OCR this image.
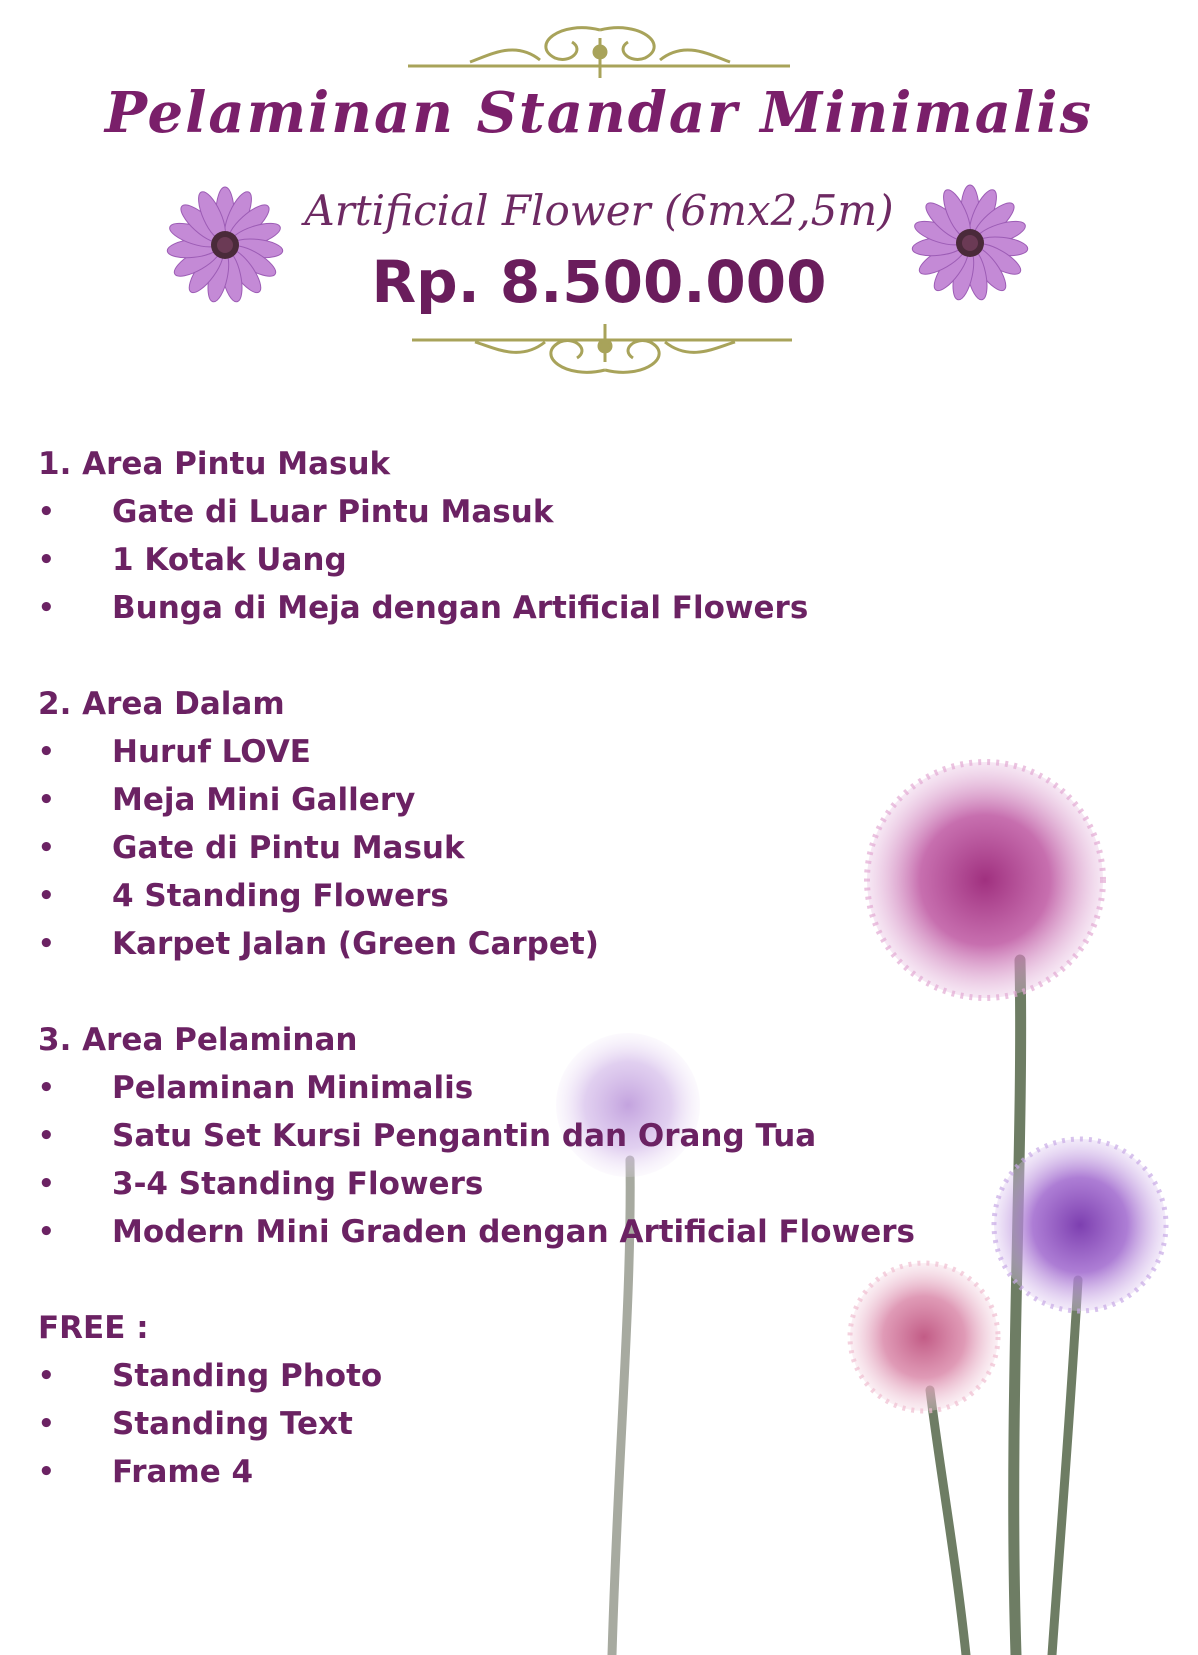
Pelaminan Standar Minimalis
Artificial Flower (6mx2,5m)
Rp. 8.500.000
1. Area Pintu Masuk
• Gate di Luar Pintu Masuk
• 1 Kotak Uang
• Bunga di Meja dengan Artificial Flowers
2. Area Dalam
• Huruf LOVE
• Meja Mini Gallery
• Gate di Pintu Masuk
• 4 Standing Flowers
• Karpet Jalan (Green Carpet)
3. Area Pelaminan
• Pelaminan Minimalis
• Satu Set Kursi Pengantin dan Orang Tua
• 3-4 Standing Flowers
• Modern Mini Graden dengan Artificial Flowers
FREE :
• Standing Photo
• Standing Text
• Frame 4
